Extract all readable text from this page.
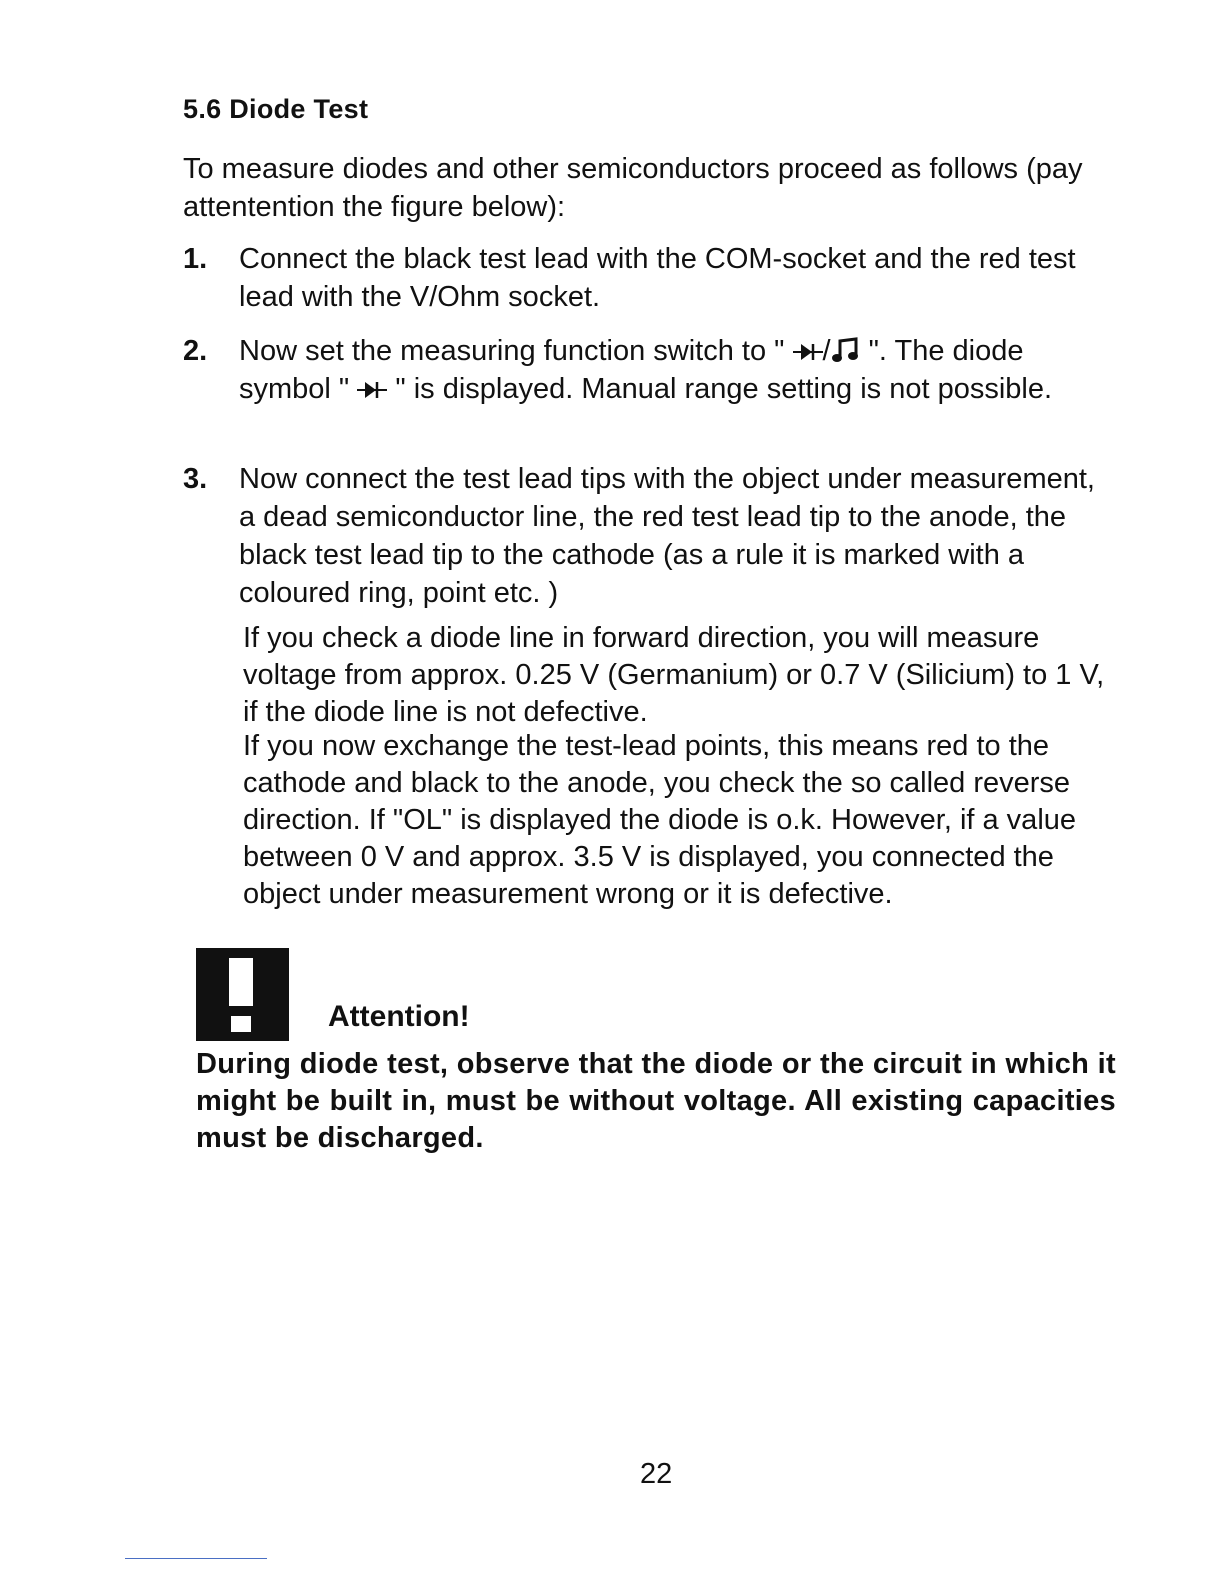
5.6 Diode Test
To measure diodes and other semiconductors proceed as follows (pay attentention the figure below):
1. Connect the black test lead with the COM-socket and the red test lead with the V/Ohm socket.

2. Now set the measuring function switch to " / ". The diode symbol " " is displayed. Manual range setting is not possible.

3. Now connect the test lead tips with the object under measurement, a dead semiconductor line, the red test lead tip to the anode, the black test lead tip to the cathode (as a rule it is marked with a coloured ring, point etc. )

If you check a diode line in forward direction, you will measure voltage from approx. 0.25 V (Germanium) or 0.7 V (Silicium) to 1 V, if the diode line is not defective.
If you now exchange the test-lead points, this means red to the cathode and black to the anode, you check the so called reverse direction. If "OL" is displayed the diode is o.k. However, if a value between 0 V and approx. 3.5 V is displayed, you connected the object under measurement wrong or it is defective.
Attention!
During diode test, observe that the diode or the circuit in which it might be built in, must be without voltage. All existing capacities must be discharged.
22
